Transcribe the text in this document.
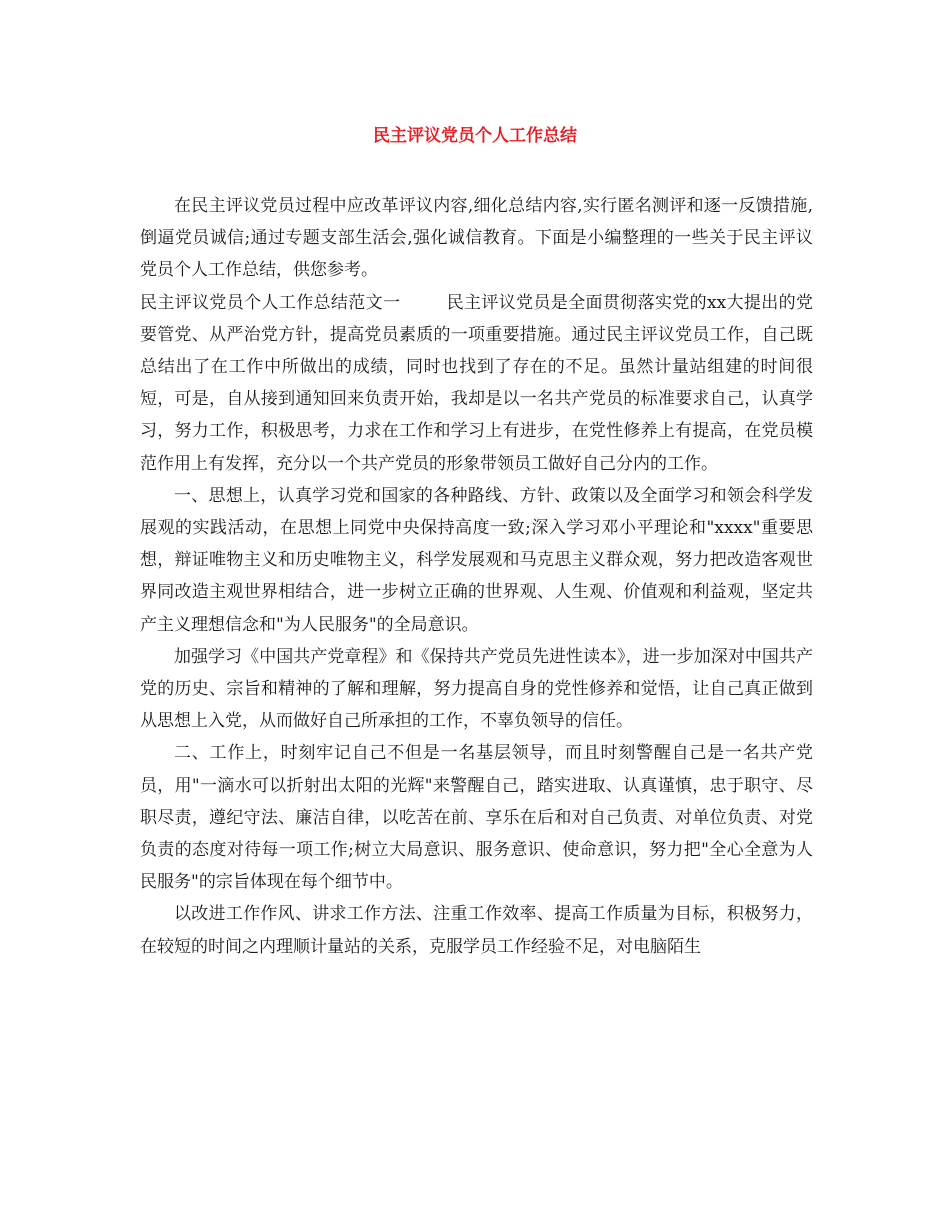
民主评议党员个人工作总结

在民主评议党员过程中应改革评议内容,细化总结内容,实行匿名测评和逐一反馈措施,倒逼党员诚信;通过专题支部生活会,强化诚信教育。下面是小编整理的一些关于民主评议党员个人工作总结，供您参考。

民主评议党员个人工作总结范文一	民主评议党员是全面贯彻落实党的xx大提出的党要管党、从严治党方针，提高党员素质的一项重要措施。通过民主评议党员工作，自己既总结出了在工作中所做出的成绩，同时也找到了存在的不足。虽然计量站组建的时间很短，可是，自从接到通知回来负责开始，我却是以一名共产党员的标准要求自己，认真学习，努力工作，积极思考，力求在工作和学习上有进步，在党性修养上有提高，在党员模范作用上有发挥，充分以一个共产党员的形象带领员工做好自己分内的工作。

一、思想上，认真学习党和国家的各种路线、方针、政策以及全面学习和领会科学发展观的实践活动，在思想上同党中央保持高度一致;深入学习邓小平理论和"xxxx"重要思想，辩证唯物主义和历史唯物主义，科学发展观和马克思主义群众观，努力把改造客观世界同改造主观世界相结合，进一步树立正确的世界观、人生观、价值观和利益观，坚定共产主义理想信念和"为人民服务"的全局意识。

加强学习《中国共产党章程》和《保持共产党员先进性读本》，进一步加深对中国共产党的历史、宗旨和精神的了解和理解，努力提高自身的党性修养和觉悟，让自己真正做到从思想上入党，从而做好自己所承担的工作，不辜负领导的信任。

二、工作上，时刻牢记自己不但是一名基层领导，而且时刻警醒自己是一名共产党员，用"一滴水可以折射出太阳的光辉"来警醒自己，踏实进取、认真谨慎，忠于职守、尽职尽责，遵纪守法、廉洁自律，以吃苦在前、享乐在后和对自己负责、对单位负责、对党负责的态度对待每一项工作;树立大局意识、服务意识、使命意识，努力把"全心全意为人民服务"的宗旨体现在每个细节中。

以改进工作作风、讲求工作方法、注重工作效率、提高工作质量为目标，积极努力，在较短的时间之内理顺计量站的关系，克服学员工作经验不足，对电脑陌生
